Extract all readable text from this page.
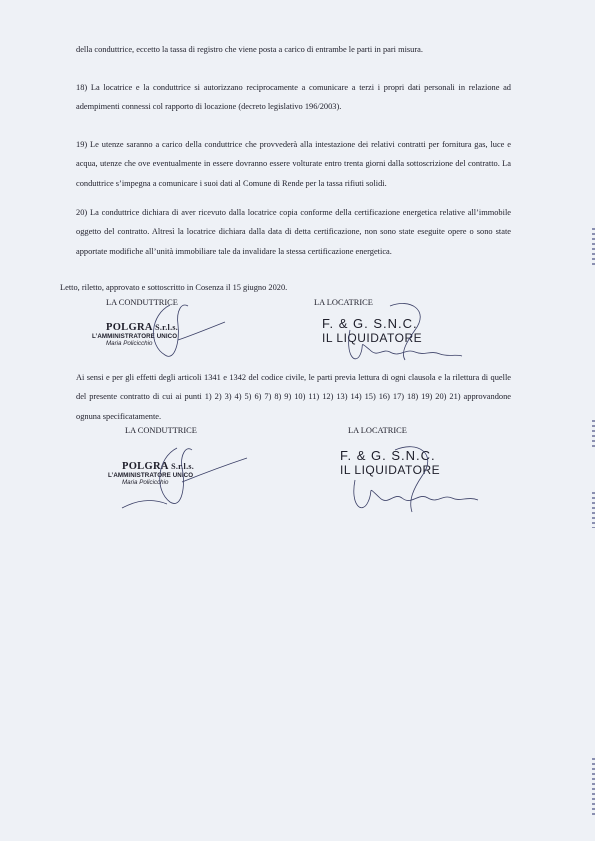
della conduttrice, eccetto la tassa di registro che viene posta a carico di entrambe le parti in pari misura.

18) La locatrice e la conduttrice si autorizzano reciprocamente a comunicare a terzi i propri dati personali in relazione ad adempimenti connessi col rapporto di locazione (decreto legislativo 196/2003).

19) Le utenze saranno a carico della conduttrice che provvederà alla intestazione dei relativi contratti per fornitura gas, luce e acqua, utenze che ove eventualmente in essere dovranno essere volturate entro trenta giorni dalla sottoscrizione del contratto. La conduttrice s’impegna a comunicare i suoi dati al Comune di Rende per la tassa rifiuti solidi.

20) La conduttrice dichiara di aver ricevuto dalla locatrice copia conforme della certificazione energetica relative all’immobile oggetto del contratto. Altresì la locatrice dichiara dalla data di detta certificazione, non sono state eseguite opere o sono state apportate modifiche all’unità immobiliare tale da invalidare la stessa certificazione energetica.

Letto, riletto, approvato e sottoscritto in Cosenza il 15 giugno 2020.

LA CONDUTTRICE	LA LOCATRICE
POLGRA S.r.l.s.
L’AMMINISTRATORE UNICO
Maria Policicchio
F. & G. S.N.C.
IL LIQUIDATORE

Ai sensi e per gli effetti degli articoli 1341 e 1342 del codice civile, le parti previa lettura di ogni clausola e la rilettura di quelle del presente contratto di cui ai punti 1) 2) 3) 4) 5) 6) 7) 8) 9) 10) 11) 12) 13) 14) 15) 16) 17) 18) 19) 20) 21) approvandone ognuna specificatamente.

LA CONDUTTRICE	LA LOCATRICE
POLGRA S.r.l.s.
L’AMMINISTRATORE UNICO
Maria Policicchio
F. & G. S.N.C.
IL LIQUIDATORE
